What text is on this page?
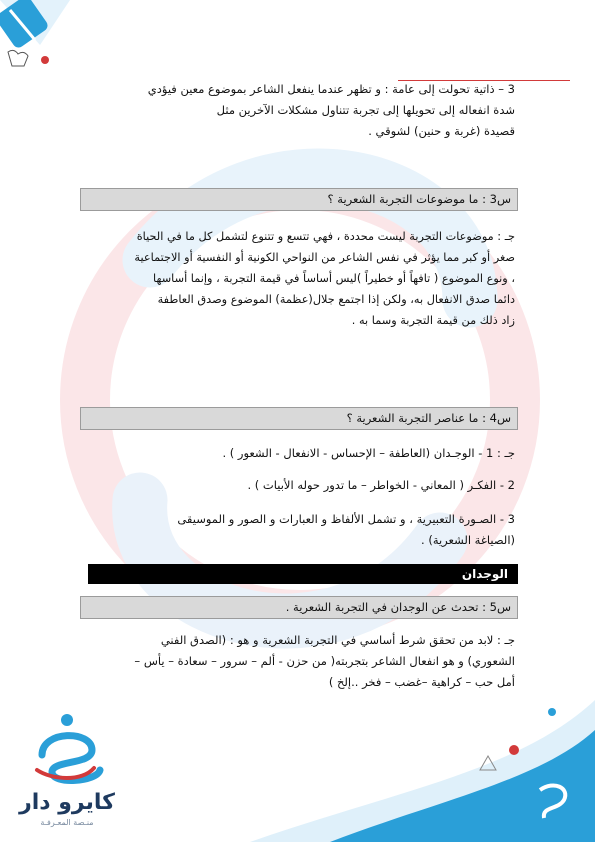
3 – ذاتية تحولت إلى عامة : و تظهر عندما ينفعل الشاعر بموضوع معين فيؤدي
شدة انفعاله إلى تحويلها إلى تجربة تتناول مشكلات الآخرين مثل
قصيدة (غربة و حنين) لشوقي .
س3 : ما موضوعات التجربة الشعرية ؟
جـ : موضوعات التجربة ليست محددة ، فهي تتسع و تتنوع لتشمل كل ما في الحياة
صغر أو كبر مما يؤثر في نفس الشاعر من النواحي الكونية أو النفسية أو الاجتماعية
، ونوع الموضوع ( تافهاً أو خطيراً )ليس أساساً في قيمة التجربة ، وإنما أساسها
دائما صدق الانفعال به، ولكن إذا اجتمع جلال(عظمة) الموضوع وصدق العاطفة
زاد ذلك من قيمة التجربة وسما به .
س4 : ما عناصر التجربة الشعرية ؟
جـ : 1 - الوجـدان (العاطفة – الإحساس - الانفعال - الشعور ) .
2 - الفكـر ( المعاني - الخواطر – ما تدور حوله الأبيات ) .
3 - الصـورة التعبيرية ، و تشمل الألفاظ و العبارات و الصور و الموسيقى
(الصياغة الشعرية) .
الوجدان
س5 : تحدث عن الوجدان في التجربة الشعرية .
جـ : لابد من تحقق شرط أساسي في التجربة الشعرية و هو : (الصدق الفني
الشعوري) و هو انفعال الشاعر بتجربته( من حزن - ألم – سرور – سعادة – يأس –
أمل حب – كراهية –غضب – فخر ..إلخ )
كايرو دار
منـصة المعـرفـة
